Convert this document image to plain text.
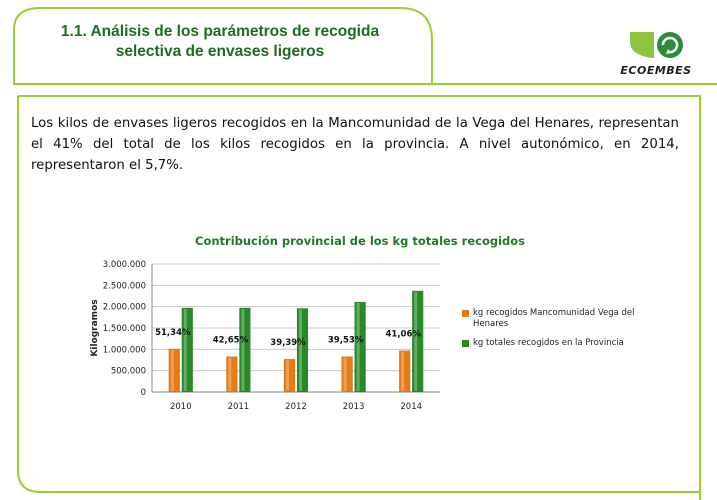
1.1. Análisis de los parámetros de recogida
selectiva de envases ligeros
ECOEMBES
Los kilos de envases ligeros recogidos en la Mancomunidad de la Vega del Henares, representan el 41% del total de los kilos recogidos en la provincia. A nivel autonómico, en 2014, representaron el 5,7%.
Contribución provincial de los kg totales recogidos
0
500.000
1.000.000
1.500.000
2.000.000
2.500.000
3.000.000
Kilogramos
2010
51,34%
2011
42,65%
2012
39,39%
2013
39,53%
2014
41,06%
kg recogidos Mancomunidad Vega del Henares
kg totales recogidos en la Provincia
